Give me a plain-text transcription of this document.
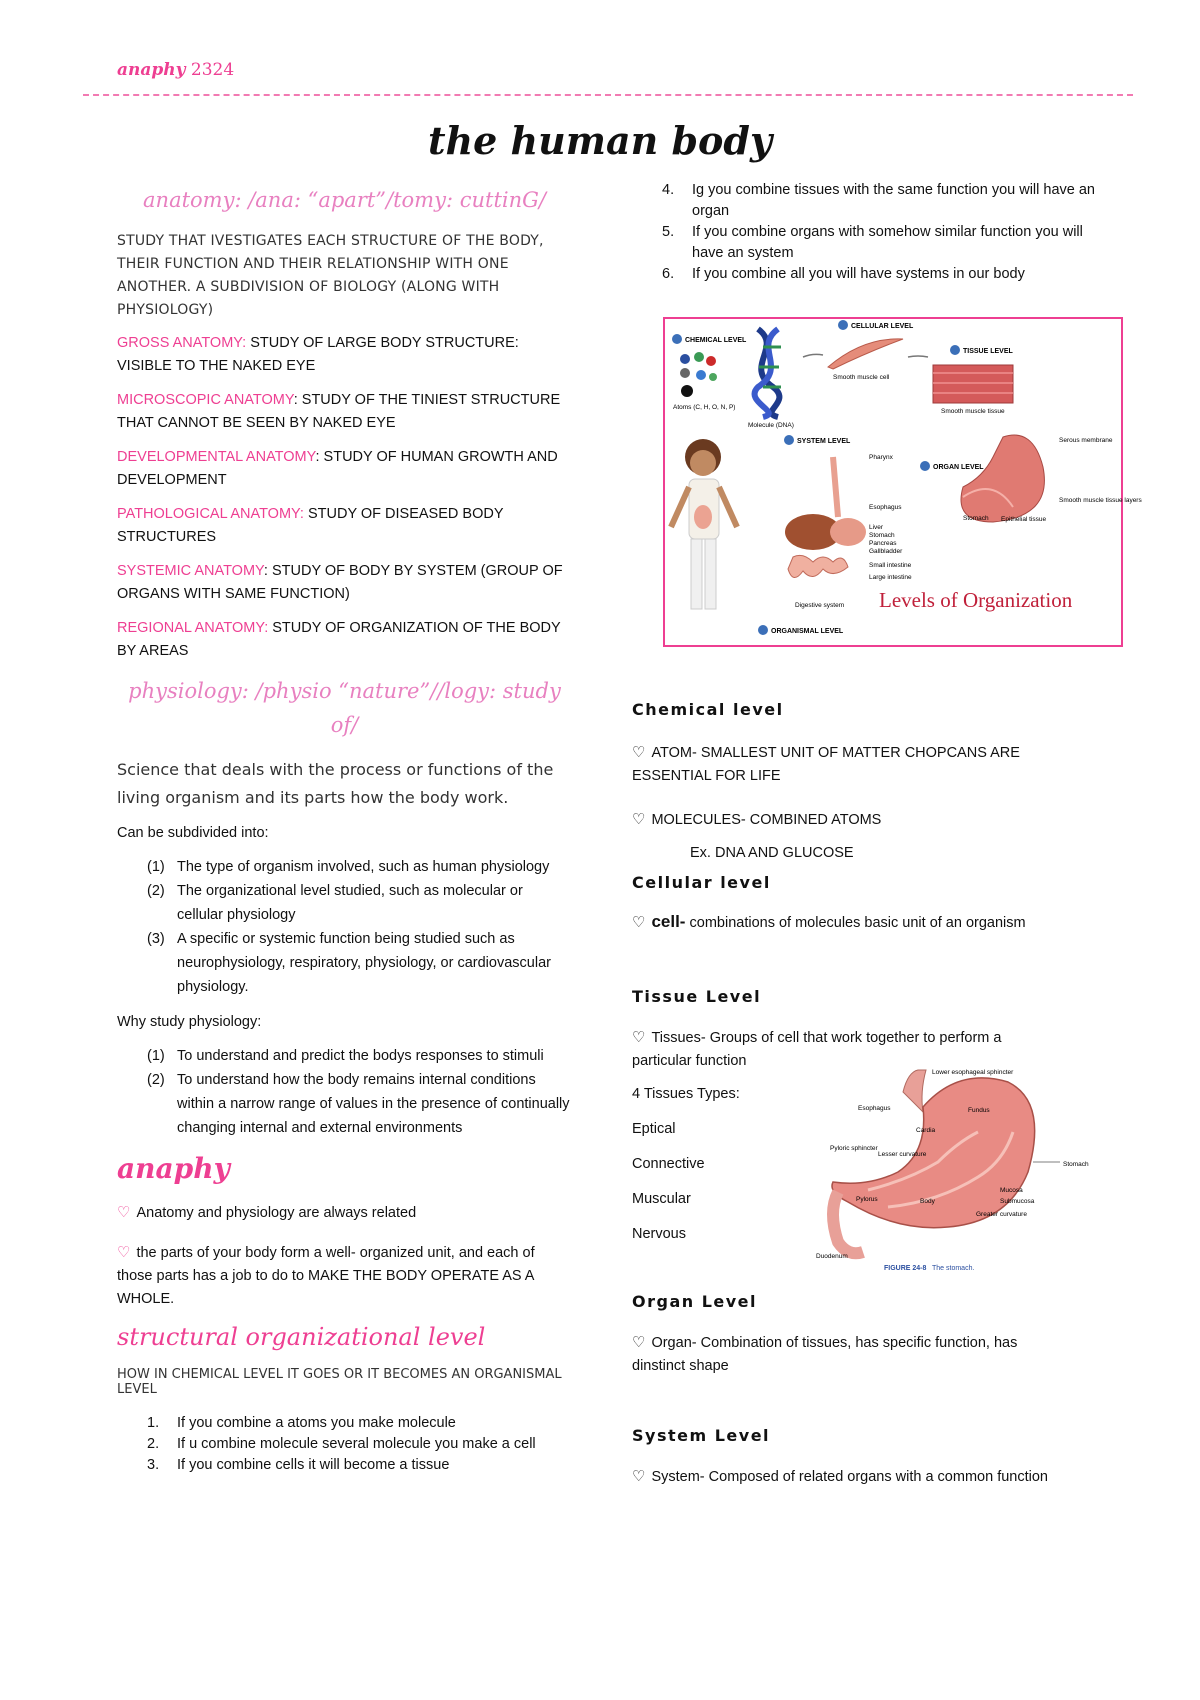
anaphy 2324
the human body
anatomy: /ana: “apart”/tomy: cuttinG/
STUDY THAT IVESTIGATES EACH STRUCTURE OF THE BODY, THEIR FUNCTION AND THEIR RELATIONSHIP WITH ONE ANOTHER. A SUBDIVISION OF BIOLOGY (ALONG WITH PHYSIOLOGY)
GROSS ANATOMY: STUDY OF LARGE BODY STRUCTURE: VISIBLE TO THE NAKED EYE
MICROSCOPIC ANATOMY: STUDY OF THE TINIEST STRUCTURE THAT CANNOT BE SEEN BY NAKED EYE
DEVELOPMENTAL ANATOMY: STUDY OF HUMAN GROWTH AND DEVELOPMENT
PATHOLOGICAL ANATOMY: STUDY OF DISEASED BODY STRUCTURES
SYSTEMIC ANATOMY: STUDY OF BODY BY SYSTEM (GROUP OF ORGANS WITH SAME FUNCTION)
REGIONAL ANATOMY: STUDY OF ORGANIZATION OF THE BODY BY AREAS
physiology: /physio “nature”//logy: study of/
Science that deals with the process or functions of the living organism and its parts how the body work.
Can be subdivided into:
(1) The type of organism involved, such as human physiology
(2) The organizational level studied, such as molecular or cellular physiology
(3) A specific or systemic function being studied such as neurophysiology, respiratory, physiology, or cardiovascular physiology.
Why study physiology:
(1) To understand and predict the bodys responses to stimuli
(2) To understand how the body remains internal conditions within a narrow range of values in the presence of continually changing internal and external environments
anaphy
♡ Anatomy and physiology are always related
♡ the parts of your body form a well- organized unit, and each of those parts has a job to do to MAKE THE BODY OPERATE AS A WHOLE.
structural organizational level
HOW IN CHEMICAL LEVEL IT GOES OR IT BECOMES AN ORGANISMAL LEVEL
1. If you combine a atoms you make molecule
2. If u combine molecule several molecule you make a cell
3. If you combine cells it will become a tissue
4. Ig you combine tissues with the same function you will have an organ
5. If you combine organs with somehow similar function you will have an system
6. If you combine all you will have systems in our body
CHEMICAL LEVEL
Atoms (C, H, O, N, P)
Molecule (DNA)
CELLULAR LEVEL
Smooth muscle cell
TISSUE LEVEL
Smooth muscle tissue
SYSTEM LEVEL
Pharynx
Esophagus
Liver
Stomach
Pancreas
Gallbladder
Small intestine
Large intestine
Digestive system
ORGAN LEVEL
Serous membrane
Smooth muscle tissue layers
Epithelial tissue
Stomach
ORGANISMAL LEVEL
Levels of Organization
Chemical level
♡ ATOM- SMALLEST UNIT OF MATTER CHOPCANS ARE ESSENTIAL FOR LIFE
♡ MOLECULES- COMBINED ATOMS
Ex. DNA AND GLUCOSE
Cellular level
♡ cell- combinations of molecules basic unit of an organism
Tissue Level
♡ Tissues- Groups of cell that work together to perform a particular function
4 Tissues Types:
Eptical
Connective
Muscular
Nervous
Organ Level
♡ Organ- Combination of tissues, has specific function, has dinstinct shape
System Level
♡ System- Composed of related organs with a common function
Lower esophageal sphincter
Esophagus	Fundus
Cardia
Pyloric sphincter
Lesser curvature
Stomach
Pylorus	Body
Mucosa
Submucosa
Greater curvature
Duodenum
FIGURE 24-8 The stomach.
